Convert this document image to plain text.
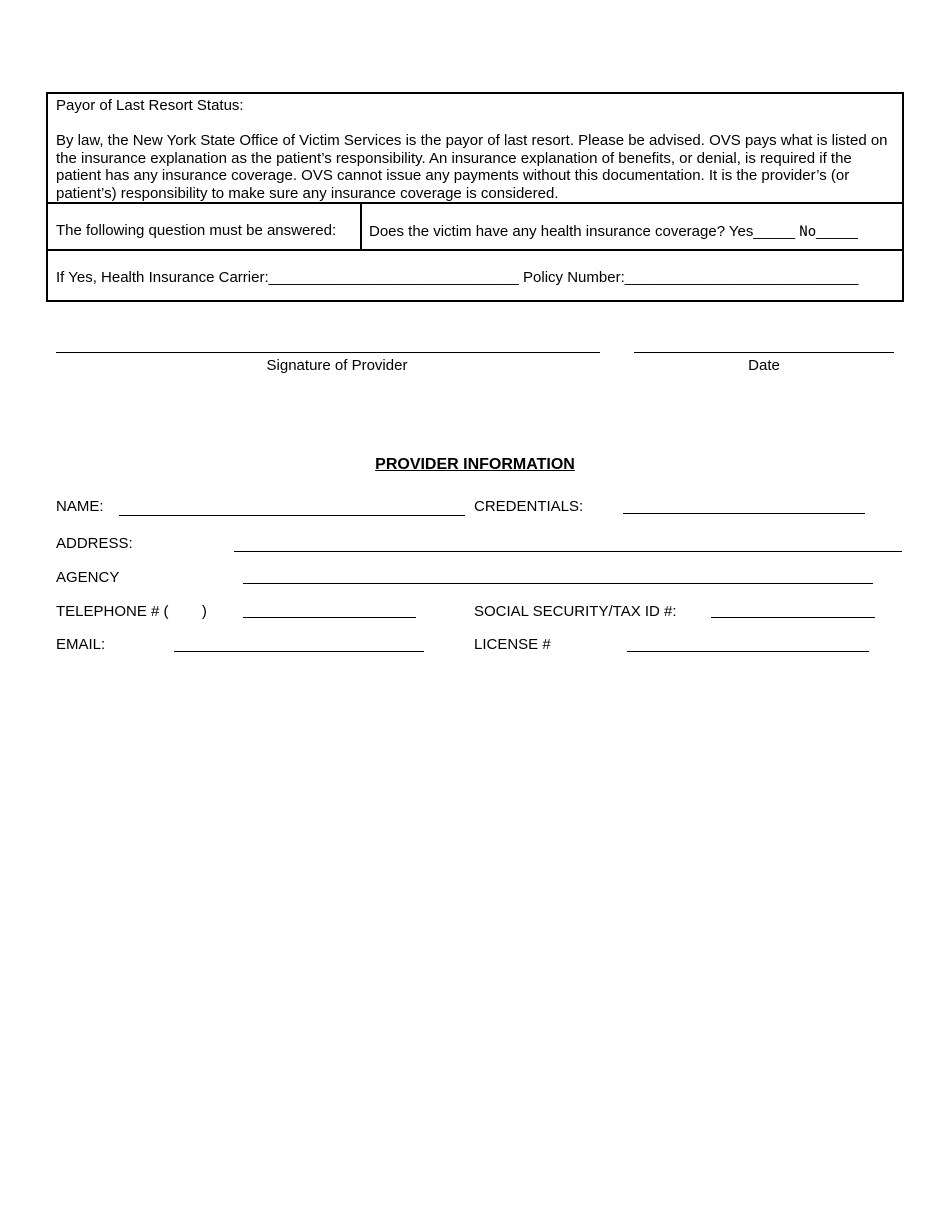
Payor of Last Resort Status:
By law, the New York State Office of Victim Services is the payor of last resort. Please be advised. OVS pays what is listed on the insurance explanation as the patient’s responsibility. An insurance explanation of benefits, or denial, is required if the patient has any insurance coverage. OVS cannot issue any payments without this documentation. It is the provider’s (or patient’s) responsibility to make sure any insurance coverage is considered.
The following question must be answered: Does the victim have any health insurance coverage? Yes_____ No_____
If Yes, Health Insurance Carrier:______________________________ Policy Number:____________________________
Signature of Provider	Date
PROVIDER INFORMATION
NAME:	CREDENTIALS:
ADDRESS:
AGENCY
TELEPHONE # (        )	SOCIAL SECURITY/TAX ID #:
EMAIL:	LICENSE #
